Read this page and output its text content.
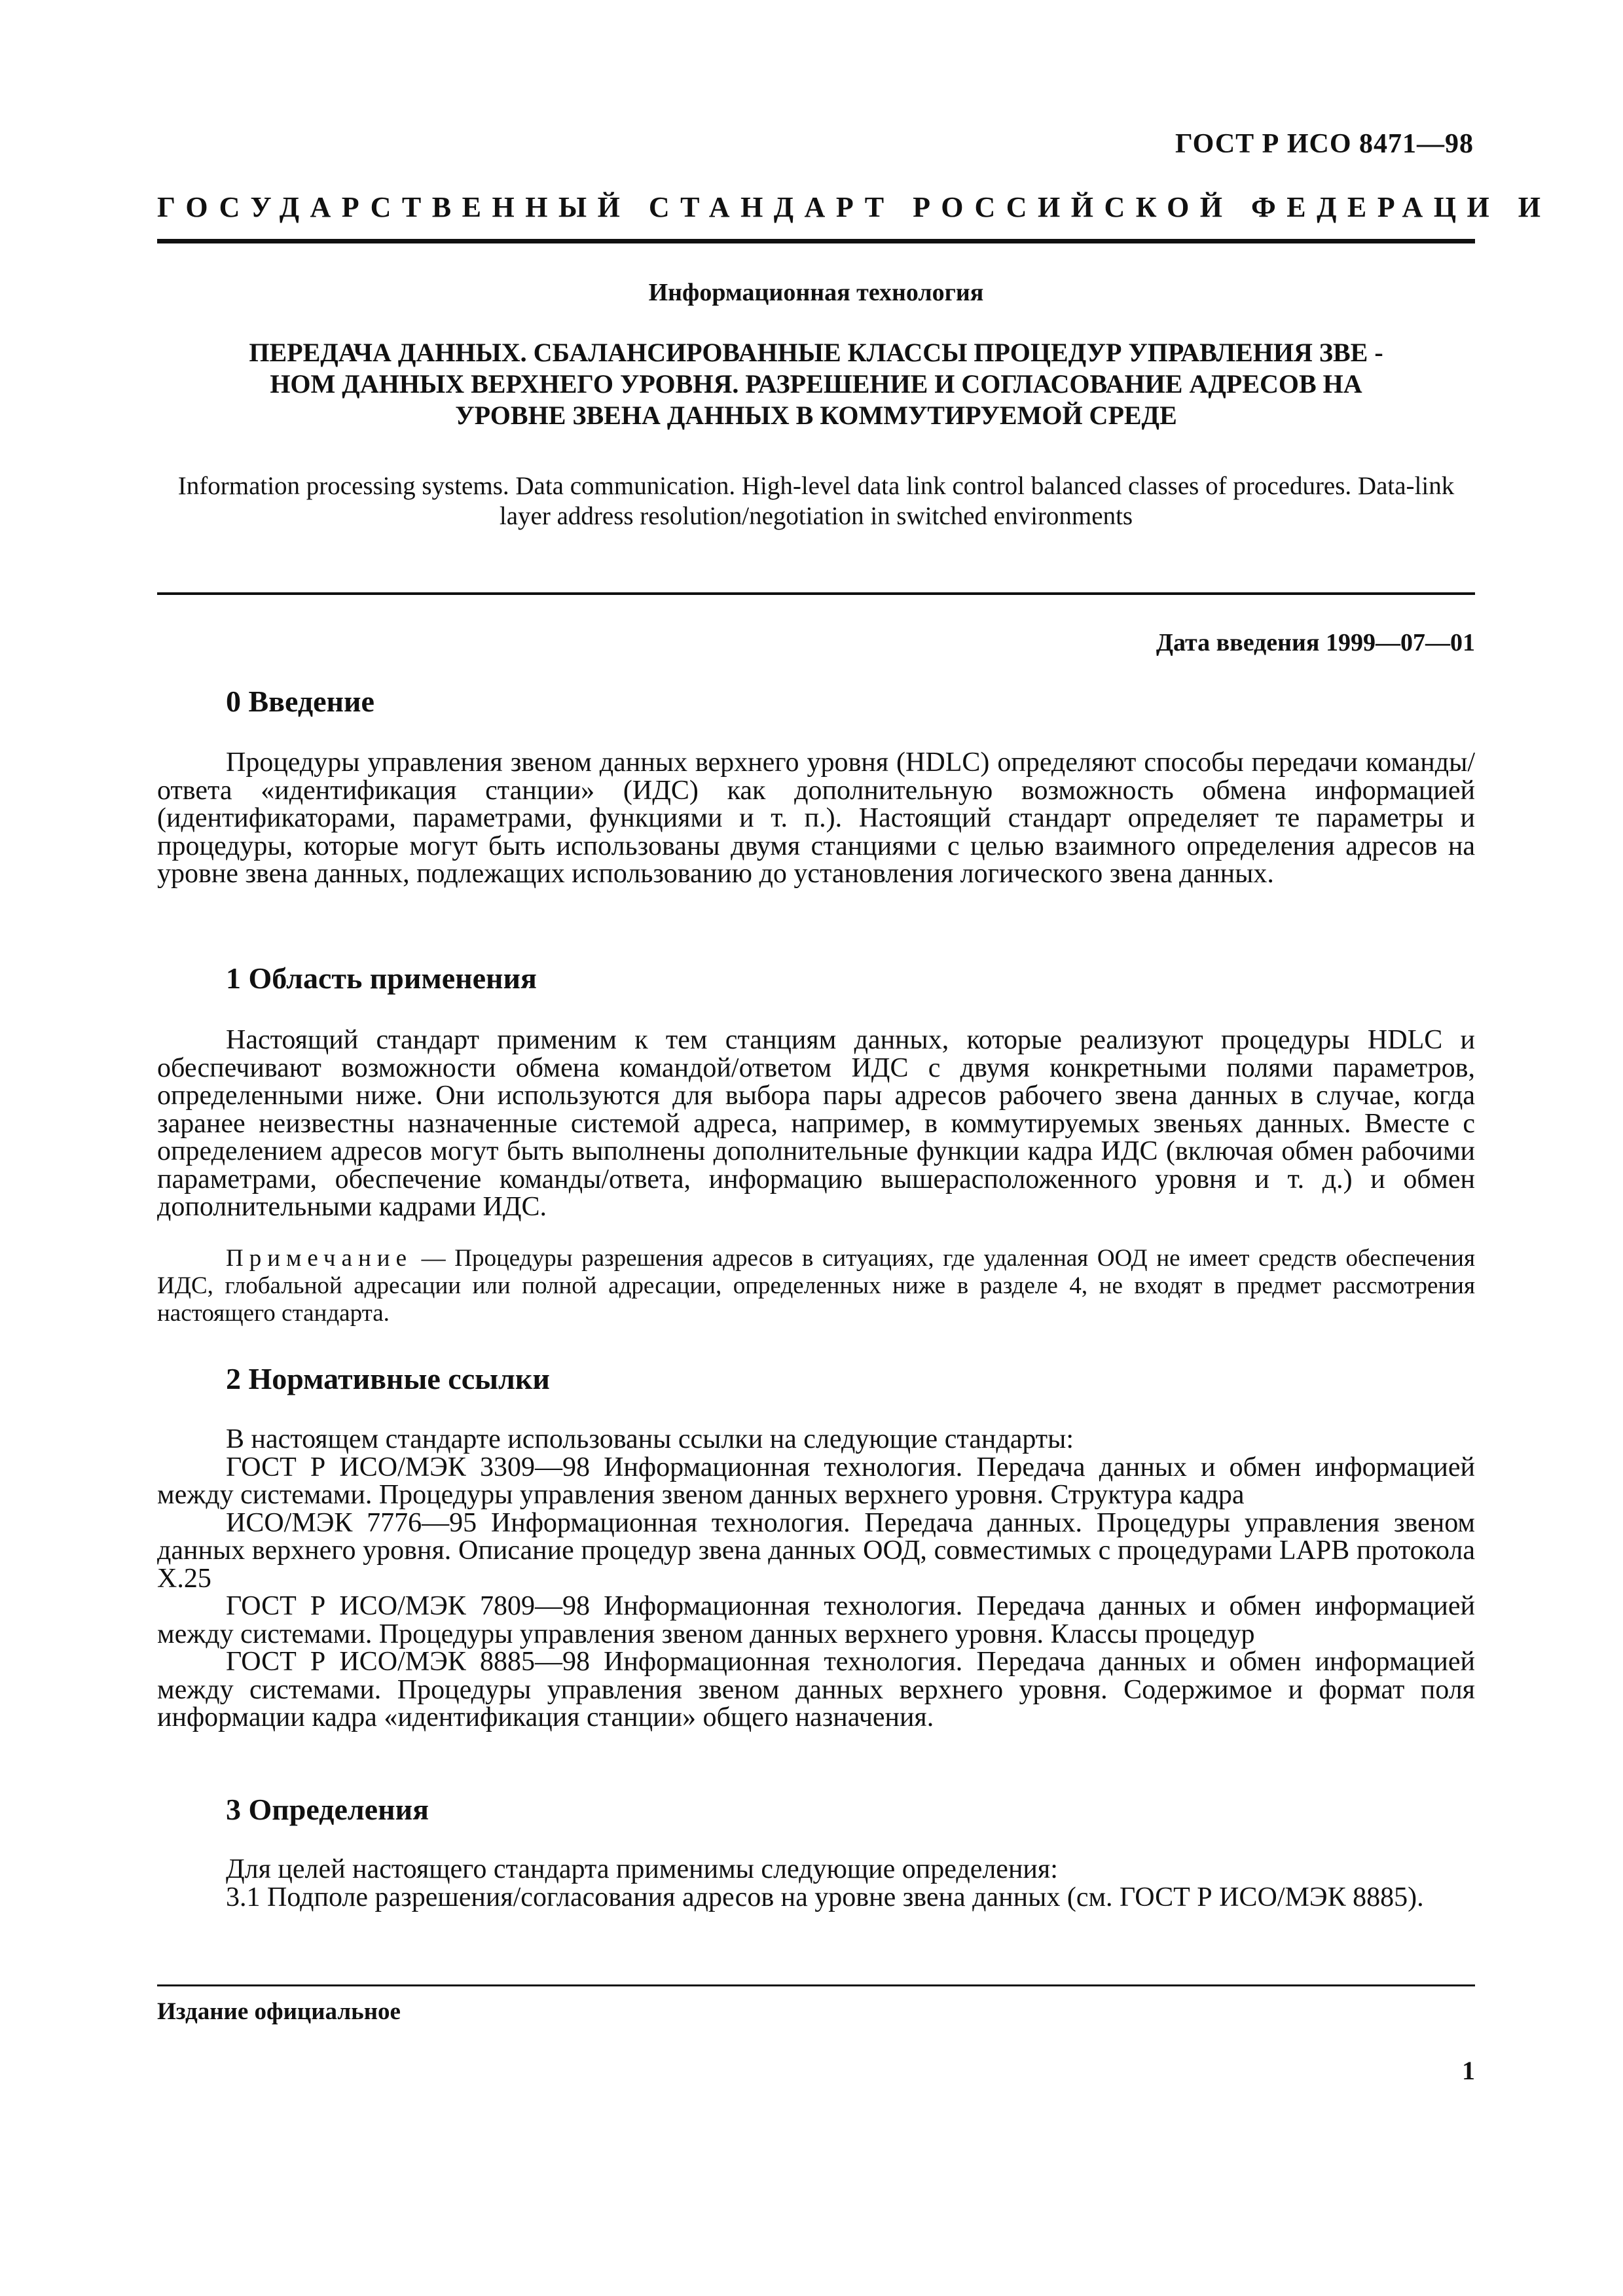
ГОСТ Р ИСО 8471—98
ГОСУДАРСТВЕННЫЙ СТАНДАРТ РОССИЙСКОЙ ФЕДЕРАЦИ И
Информационная технология
ПЕРЕДАЧА ДАННЫХ. СБАЛАНСИРОВАННЫЕ КЛАССЫ ПРОЦЕДУР УПРАВЛЕНИЯ ЗВЕ - НОМ ДАННЫХ ВЕРХНЕГО УРОВНЯ. РАЗРЕШЕНИЕ И СОГЛАСОВАНИЕ АДРЕСОВ НА УРОВНЕ ЗВЕНА ДАННЫХ В КОММУТИРУЕМОЙ СРЕДЕ
Information processing systems. Data communication. High-level data link control balanced classes of procedures. Data-link layer address resolution/negotiation in switched environments
Дата введения 1999—07—01
0 Введение
Процедуры управления звеном данных верхнего уровня (HDLC) определяют способы передачи команды/ответа «идентификация станции» (ИДС) как дополнительную возможность обмена информацией (идентификаторами, параметрами, функциями и т. п.). Настоящий стандарт определяет те параметры и процедуры, которые могут быть использованы двумя станциями с целью взаимного определения адресов на уровне звена данных, подлежащих использованию до установления логического звена данных.
1 Область применения
Настоящий стандарт применим к тем станциям данных, которые реализуют процедуры HDLC и обеспечивают возможности обмена командой/ответом ИДС с двумя конкретными полями параметров, определенными ниже. Они используются для выбора пары адресов рабочего звена данных в случае, когда заранее неизвестны назначенные системой адреса, например, в коммутируемых звеньях данных. Вместе с определением адресов могут быть выполнены дополнительные функции кадра ИДС (включая обмен рабочими параметрами, обеспечение команды/ответа, информацию вышерасположенного уровня и т. д.) и обмен дополнительными кадрами ИДС.
Примечание — Процедуры разрешения адресов в ситуациях, где удаленная ООД не имеет средств обеспечения ИДС, глобальной адресации или полной адресации, определенных ниже в разделе 4, не входят в предмет рассмотрения настоящего стандарта.
2 Нормативные ссылки

В настоящем стандарте использованы ссылки на следующие стандарты:

ГОСТ Р ИСО/МЭК 3309—98 Информационная технология. Передача данных и обмен информацией между системами. Процедуры управления звеном данных верхнего уровня. Структура кадра

ИСО/МЭК 7776—95 Информационная технология. Передача данных. Процедуры управления звеном данных верхнего уровня. Описание процедур звена данных ООД, совместимых с процедурами LAPB протокола Х.25

ГОСТ Р ИСО/МЭК 7809—98 Информационная технология. Передача данных и обмен информацией между системами. Процедуры управления звеном данных верхнего уровня. Классы процедур

ГОСТ Р ИСО/МЭК 8885—98 Информационная технология. Передача данных и обмен информацией между системами. Процедуры управления звеном данных верхнего уровня. Содержимое и формат поля информации кадра «идентификация станции» общего назначения.

3 Определения

Для целей настоящего стандарта применимы следующие определения:

3.1 Подполе разрешения/согласования адресов на уровне звена данных (см. ГОСТ Р ИСО/МЭК 8885).

Издание официальное
1
